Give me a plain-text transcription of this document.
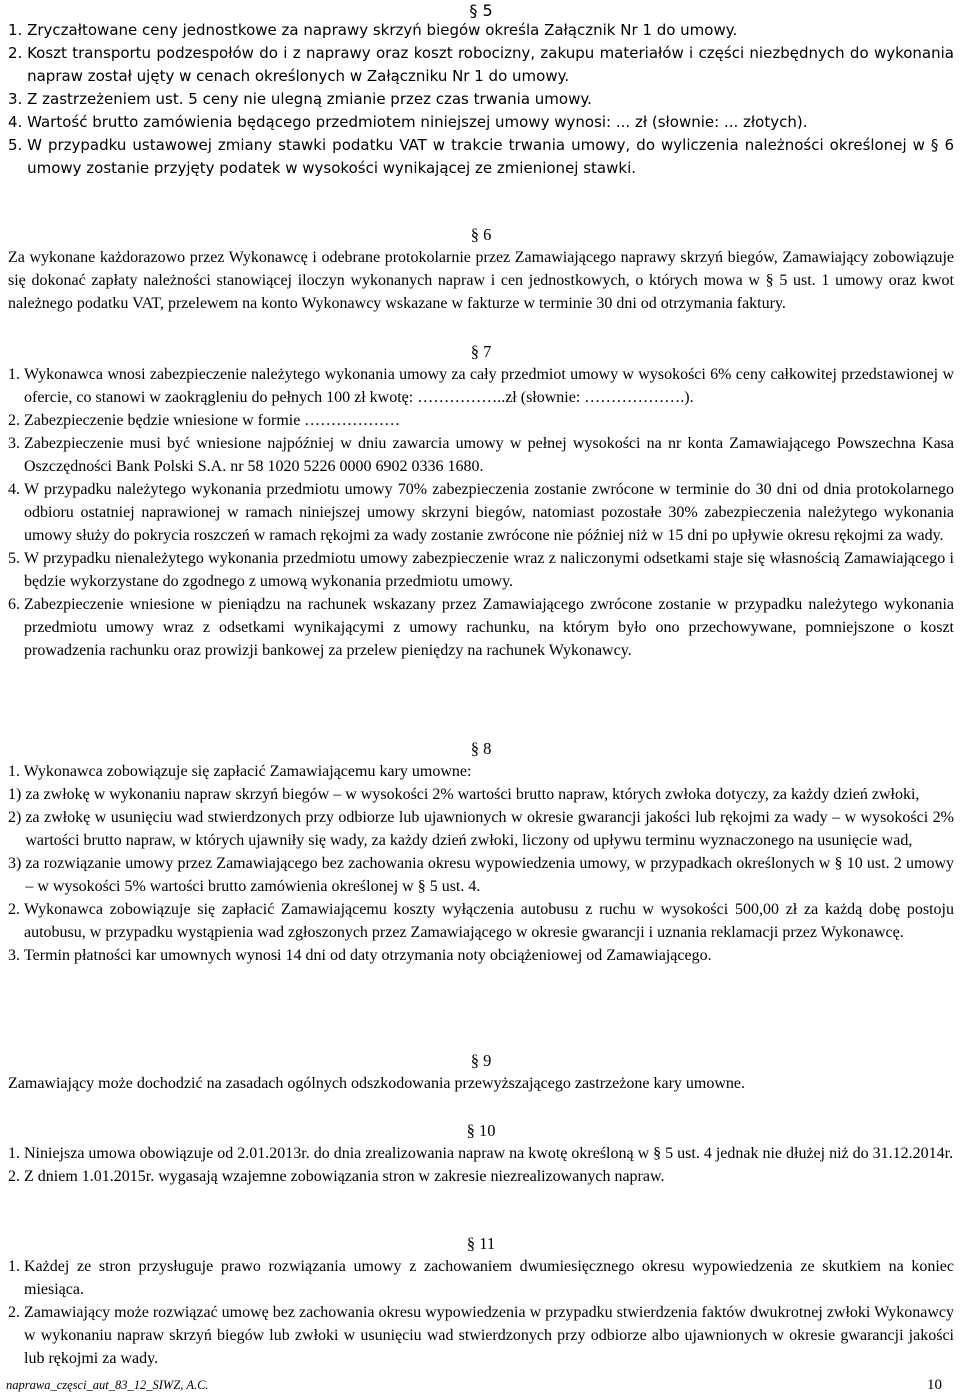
§ 5

1. Zryczałtowane ceny jednostkowe za naprawy skrzyń biegów określa Załącznik Nr 1 do umowy.
2. Koszt transportu podzespołów do i z naprawy oraz koszt robocizny, zakupu materiałów i części niezbędnych do wykonania napraw został ujęty w cenach określonych w Załączniku Nr 1 do umowy.
3. Z zastrzeżeniem ust. 5 ceny nie ulegną zmianie przez czas trwania umowy.
4. Wartość brutto zamówienia będącego przedmiotem niniejszej umowy wynosi: ... zł (słownie: ... złotych).
5. W przypadku ustawowej zmiany stawki podatku VAT w trakcie trwania umowy, do wyliczenia należności określonej w § 6 umowy zostanie przyjęty podatek w wysokości wynikającej ze zmienionej stawki.

§ 6

Za wykonane każdorazowo przez Wykonawcę i odebrane protokolarnie przez Zamawiającego naprawy skrzyń biegów, Zamawiający zobowiązuje się dokonać zapłaty należności stanowiącej iloczyn wykonanych napraw i cen jednostkowych, o których mowa w § 5 ust. 1 umowy oraz kwot należnego podatku VAT, przelewem na konto Wykonawcy wskazane w fakturze w terminie 30 dni od otrzymania faktury.

§ 7

1. Wykonawca wnosi zabezpieczenie należytego wykonania umowy za cały przedmiot umowy w wysokości 6% ceny całkowitej przedstawionej w ofercie, co stanowi w zaokrągleniu do pełnych 100 zł kwotę: ……………..zł (słownie: ……………….).
2. Zabezpieczenie będzie wniesione w formie ………………
3. Zabezpieczenie musi być wniesione najpóźniej w dniu zawarcia umowy w pełnej wysokości na nr konta Zamawiającego Powszechna Kasa Oszczędności Bank Polski S.A. nr 58 1020 5226 0000 6902 0336 1680.
4. W przypadku należytego wykonania przedmiotu umowy 70% zabezpieczenia zostanie zwrócone w terminie do 30 dni od dnia protokolarnego odbioru ostatniej naprawionej w ramach niniejszej umowy skrzyni biegów, natomiast pozostałe 30% zabezpieczenia należytego wykonania umowy służy do pokrycia roszczeń w ramach rękojmi za wady zostanie zwrócone nie później niż w 15 dni po upływie okresu rękojmi za wady.
5. W przypadku nienależytego wykonania przedmiotu umowy zabezpieczenie wraz z naliczonymi odsetkami staje się własnością Zamawiającego i będzie wykorzystane do zgodnego z umową wykonania przedmiotu umowy.
6. Zabezpieczenie wniesione w pieniądzu na rachunek wskazany przez Zamawiającego zwrócone zostanie w przypadku należytego wykonania przedmiotu umowy wraz z odsetkami wynikającymi z umowy rachunku, na którym było ono przechowywane, pomniejszone o koszt prowadzenia rachunku oraz prowizji bankowej za przelew pieniędzy na rachunek Wykonawcy.

§ 8

1. Wykonawca zobowiązuje się zapłacić Zamawiającemu kary umowne:

1) za zwłokę w wykonaniu napraw skrzyń biegów – w wysokości 2% wartości brutto napraw, których zwłoka dotyczy, za każdy dzień zwłoki,
2) za zwłokę w usunięciu wad stwierdzonych przy odbiorze lub ujawnionych w okresie gwarancji jakości lub rękojmi za wady – w wysokości 2% wartości brutto napraw, w których ujawniły się wady, za każdy dzień zwłoki, liczony od upływu terminu wyznaczonego na usunięcie wad,
3) za rozwiązanie umowy przez Zamawiającego bez zachowania okresu wypowiedzenia umowy, w przypadkach określonych w § 10 ust. 2 umowy – w wysokości 5% wartości brutto zamówienia określonej w § 5 ust. 4.
2. Wykonawca zobowiązuje się zapłacić Zamawiającemu koszty wyłączenia autobusu z ruchu w wysokości 500,00 zł za każdą dobę postoju autobusu, w przypadku wystąpienia wad zgłoszonych przez Zamawiającego w okresie gwarancji i uznania reklamacji przez Wykonawcę.
3. Termin płatności kar umownych wynosi 14 dni od daty otrzymania noty obciążeniowej od Zamawiającego.

§ 9

Zamawiający może dochodzić na zasadach ogólnych odszkodowania przewyższającego zastrzeżone kary umowne.

§ 10

1. Niniejsza umowa obowiązuje od 2.01.2013r. do dnia zrealizowania napraw na kwotę określoną w § 5 ust. 4 jednak nie dłużej niż do 31.12.2014r.
2. Z dniem 1.01.2015r. wygasają wzajemne zobowiązania stron w zakresie niezrealizowanych napraw.

§ 11

1. Każdej ze stron przysługuje prawo rozwiązania umowy z zachowaniem dwumiesięcznego okresu wypowiedzenia ze skutkiem na koniec miesiąca.
2. Zamawiający może rozwiązać umowę bez zachowania okresu wypowiedzenia w przypadku stwierdzenia faktów dwukrotnej zwłoki Wykonawcy w wykonaniu napraw skrzyń biegów lub zwłoki w usunięciu wad stwierdzonych przy odbiorze albo ujawnionych w okresie gwarancji jakości lub rękojmi za wady.
naprawa_częsci_aut_83_12_SIWZ, A.C.	10
